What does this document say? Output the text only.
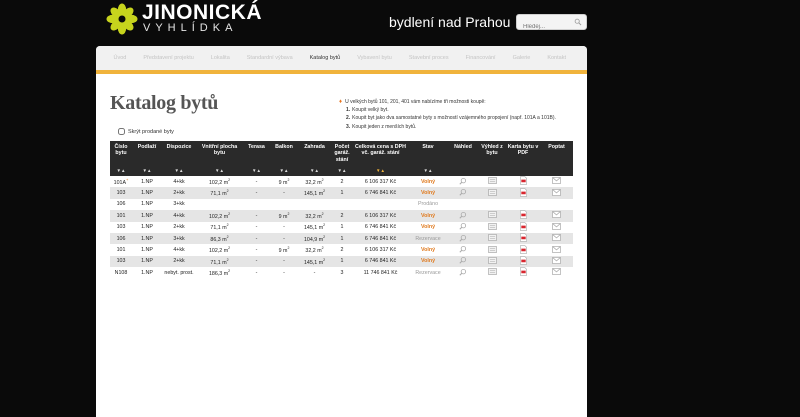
JINONICKÁ
VYHLÍDKA	bydlení nad Prahou
Hledej...
Úvod	Představení projektu	Lokalita	Standardní výbava	Katalog bytů	Vybavení bytu	Stavební proces	Financování	Galerie	Kontakt
Katalog bytů
Skrýt prodané byty
♦ U velkých bytů 101, 201, 401 vám nabízíme tři možnosti koupě:
1. Koupit velký byt.
2. Koupit byt jako dva samostatné byty s možností vzájemného propojení (např. 101A a 101B).
3. Koupit jeden z menších bytů.
Číslo bytu	Podlaží	Dispozice	Vnitřní plocha bytu	Terasa	Balkon	Zahrada	Počet garáž. stání	Celková cena s DPH vč. garáž. stání	Stav	Náhled	Výhled z bytu	Karta bytu v PDF	Poptat
▼▲	▼▲	▼▲	▼▲	▼▲	▼▲	▼▲	▼▲	▼▲	▼▲				
101A+	1.NP	4+kk	102,2 $m^2$	-	9 $m^2$	32,2 $m^2$	2	6 106 317 Kč	Volný				
103	1.NP	2+kk	71,1 $m^2$	-	-	145,1 $m^2$	1	6 746 841 Kč	Volný				
106	1.NP	3+kk							Prodáno				
101	1.NP	4+kk	102,2 $m^2$	-	9 $m^2$	32,2 $m^2$	2	6 106 317 Kč	Volný				
103	1.NP	2+kk	71,1 $m^2$	-	-	145,1 $m^2$	1	6 746 841 Kč	Volný				
106	1.NP	3+kk	86,3 $m^2$	-	-	104,9 $m^2$	1	6 746 841 Kč	Rezervace				
101	1.NP	4+kk	102,2 $m^2$	-	9 $m^2$	32,2 $m^2$	2	6 106 317 Kč	Volný				
103	1.NP	2+kk	71,1 $m^2$	-	-	145,1 $m^2$	1	6 746 841 Kč	Volný				
N108	1.NP	nebyt. prost.	186,3 $m^2$	-	-	-	3	11 746 841 Kč	Rezervace				
